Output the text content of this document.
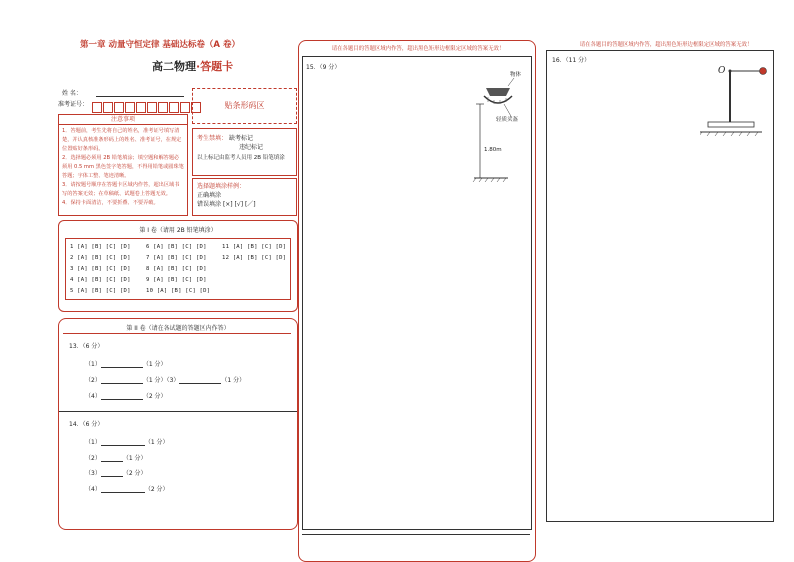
第一章 动量守恒定律 基础达标卷（A 卷）
高二物理·答题卡
姓 名：
准考证号：	贴条形码区
注意事项
1．答题前，考生先将自己的姓名，准考证号填写清楚，并认真核准条形码上的姓名、准考证号，在规定位置贴好条形码。
2．选择题必须用 2B 铅笔填涂；填空题和解答题必须用 0.5 mm 黑色签字笔答题，不得用铅笔或圆珠笔答题；字体工整、笔迹清晰。
3．请按题号顺序在答题卡区域内作答，超出区域书写的答案无效；在草稿纸、试题卷上答题无效。
4．保持卡面清洁，不要折叠、不要弄破。
考生禁填： 缺考标记
违纪标记
以上标记由监考人员用 2B 铅笔填涂
选择题填涂样例：
正确填涂
错误填涂 [×] [√] [／]
第 I 卷（请用 2B 铅笔填涂）
1 [A] [B] [C] [D]
2 [A] [B] [C] [D]
3 [A] [B] [C] [D]
4 [A] [B] [C] [D]
5 [A] [B] [C] [D]
6 [A] [B] [C] [D]
7 [A] [B] [C] [D]
8 [A] [B] [C] [D]
9 [A] [B] [C] [D]
10 [A] [B] [C] [D]
11 [A] [B] [C] [D]
12 [A] [B] [C] [D]
第 II 卷（请在各试题的答题区内作答）
13．（6 分）
（1）	（1 分）
（2）	（1 分）（3）	（1 分）
（4）	（2 分）
14．（6 分）
（1）	（1 分）
（2）	（1 分）
（3）	（2 分）
（4）	（2 分）
请在各题目的答题区域内作答，超出黑色矩形边框限定区域的答案无效！
15．（9 分）
物体
轻质头盔
1.80m
请在各题目的答题区域内作答，超出黑色矩形边框限定区域的答案无效！
16．（11 分）
O
